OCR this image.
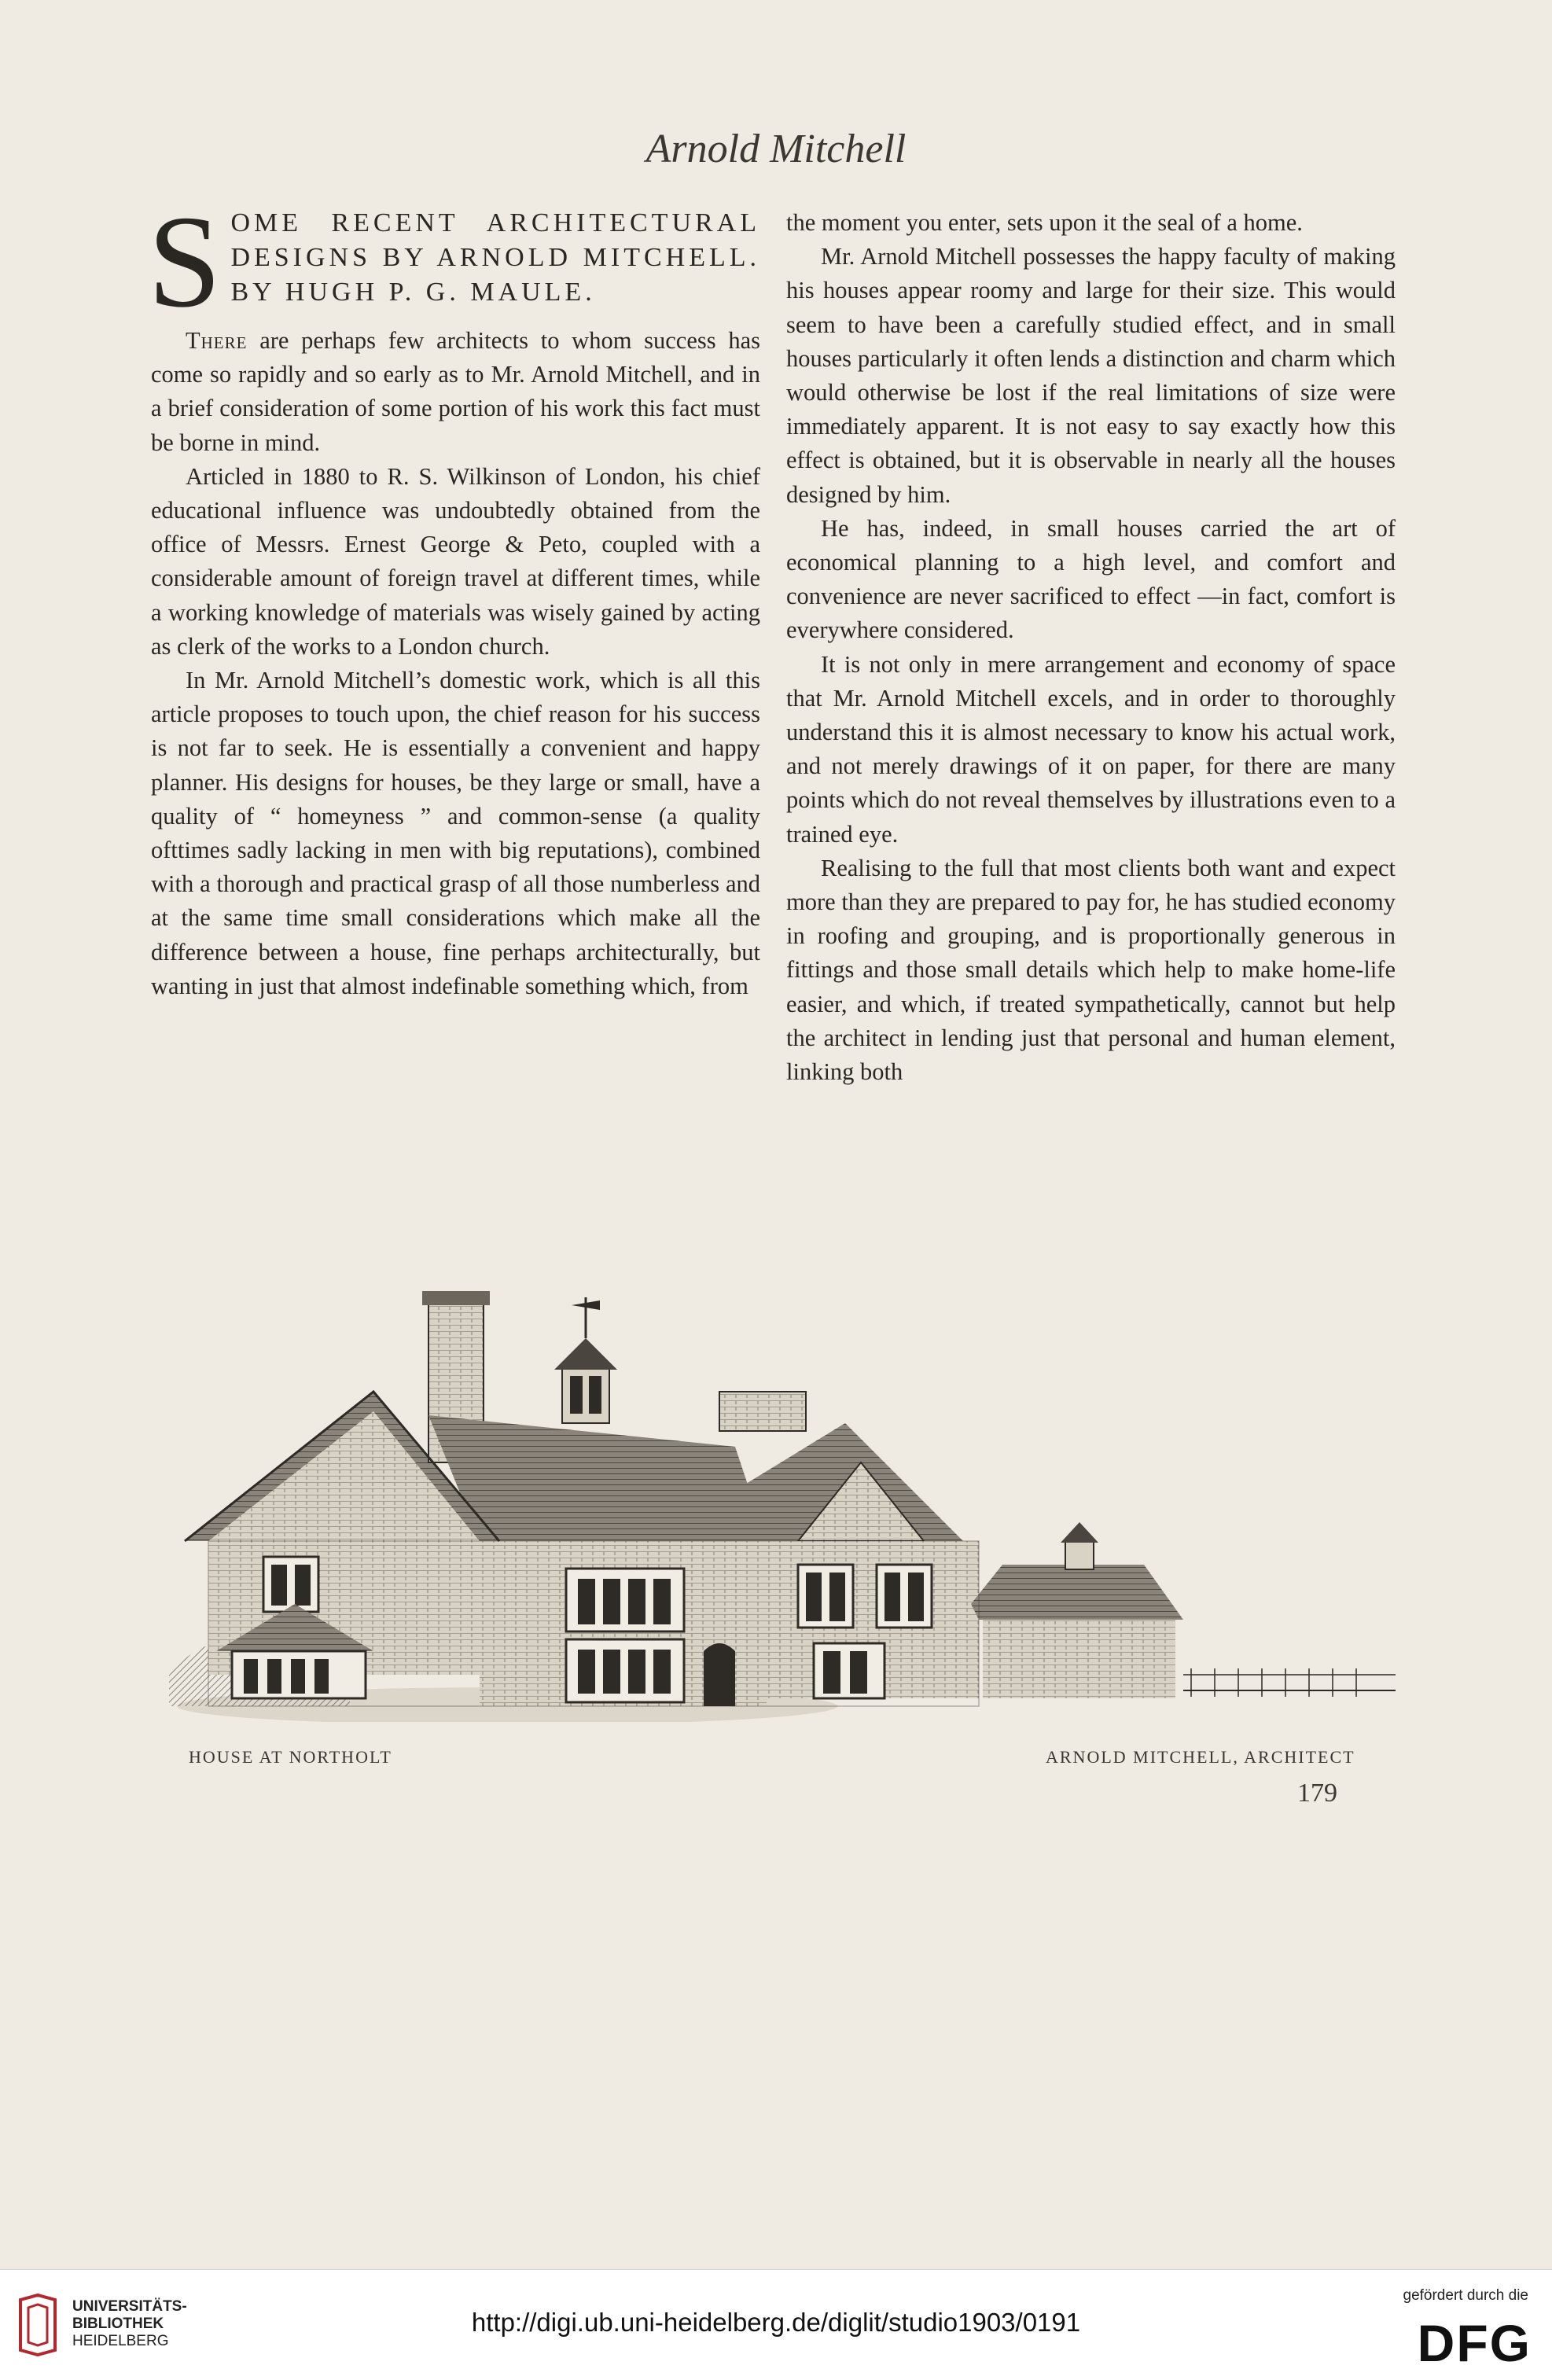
Arnold Mitchell

SOME RECENT ARCHITECTURAL DESIGNS BY ARNOLD MITCHELL. BY HUGH P. G. MAULE.

There are perhaps few architects to whom success has come so rapidly and so early as to Mr. Arnold Mitchell, and in a brief consideration of some portion of his work this fact must be borne in mind.

Articled in 1880 to R. S. Wilkinson of London, his chief educational influence was undoubtedly obtained from the office of Messrs. Ernest George & Peto, coupled with a considerable amount of foreign travel at different times, while a working knowledge of materials was wisely gained by acting as clerk of the works to a London church.

In Mr. Arnold Mitchell’s domestic work, which is all this article proposes to touch upon, the chief reason for his success is not far to seek. He is essentially a convenient and happy planner. His designs for houses, be they large or small, have a quality of “ homeyness ” and common-sense (a quality ofttimes sadly lacking in men with big reputations), combined with a thorough and practical grasp of all those numberless and at the same time small considerations which make all the difference between a house, fine perhaps architecturally, but wanting in just that almost indefinable something which, from

the moment you enter, sets upon it the seal of a home.

Mr. Arnold Mitchell possesses the happy faculty of making his houses appear roomy and large for their size. This would seem to have been a carefully studied effect, and in small houses particularly it often lends a distinction and charm which would otherwise be lost if the real limitations of size were immediately apparent. It is not easy to say exactly how this effect is obtained, but it is observable in nearly all the houses designed by him.

He has, indeed, in small houses carried the art of economical planning to a high level, and comfort and convenience are never sacrificed to effect —in fact, comfort is everywhere considered.

It is not only in mere arrangement and economy of space that Mr. Arnold Mitchell excels, and in order to thoroughly understand this it is almost necessary to know his actual work, and not merely drawings of it on paper, for there are many points which do not reveal themselves by illustrations even to a trained eye.

Realising to the full that most clients both want and expect more than they are prepared to pay for, he has studied economy in roofing and grouping, and is proportionally generous in fittings and those small details which help to make home-life easier, and which, if treated sympathetically, cannot but help the architect in lending just that personal and human element, linking both

HOUSE AT NORTHOLT	ARNOLD MITCHELL, ARCHITECT
179
UNIVERSITÄTS-
BIBLIOTHEK
HEIDELBERG
http://digi.ub.uni-heidelberg.de/diglit/studio1903/0191
gefördert durch die
DFG
